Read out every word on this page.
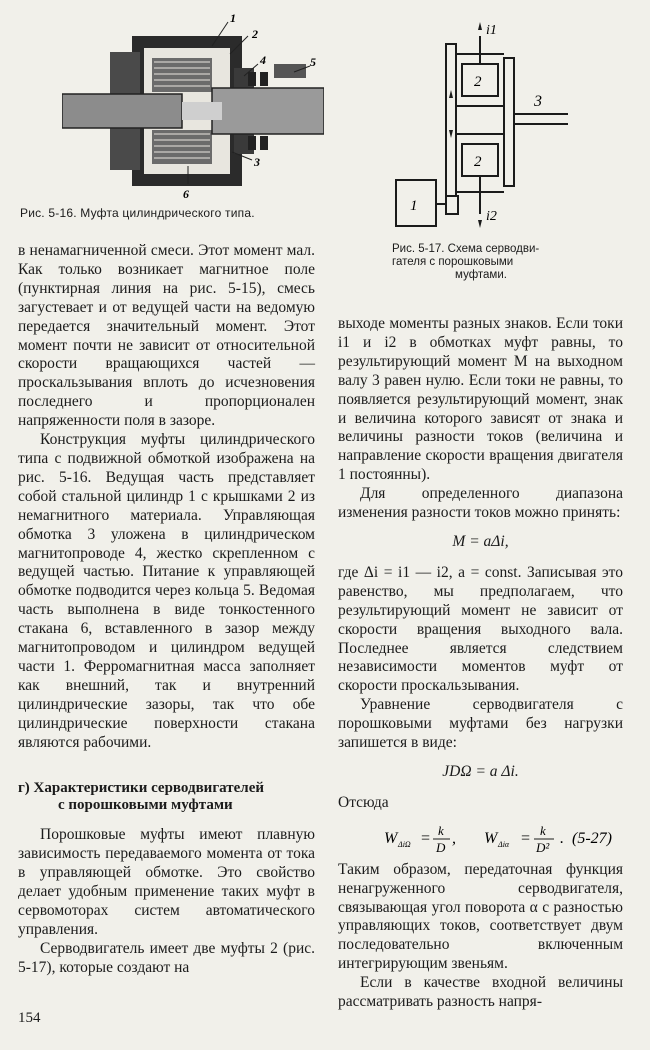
1
2
4	5
3
6
Рис. 5-16. Муфта цилиндрического типа.
i1
2
2
3
1
i2
Рис. 5-17. Схема серводви-
гателя с порошковыми
муфтами.

в ненамагниченной смеси. Этот момент мал. Как только возникает магнитное поле (пунктирная линия на рис. 5-15), смесь загустевает и от ведущей части на ведомую передается значительный момент. Этот момент почти не зависит от относительной скорости вращающихся частей — проскальзывания вплоть до исчезновения последнего и пропорционален напряженности поля в зазоре.

Конструкция муфты цилиндрического типа с подвижной обмоткой изображена на рис. 5-16. Ведущая часть представляет собой стальной цилиндр 1 с крышками 2 из немагнитного материала. Управляющая обмотка 3 уложена в цилиндрическом магнитопроводе 4, жестко скрепленном с ведущей частью. Питание к управляющей обмотке подводится через кольца 5. Ведомая часть выполнена в виде тонкостенного стакана 6, вставленного в зазор между магнитопроводом и цилиндром ведущей части 1. Ферромагнитная масса заполняет как внешний, так и внутренний цилиндрические зазоры, так что обе цилиндрические поверхности стакана являются рабочими.

г) Характеристики серводвигателей
с порошковыми муфтами

Порошковые муфты имеют плавную зависимость передаваемого момента от тока в управляющей обмотке. Это свойство делает удобным применение таких муфт в сервомоторах систем автоматического управления.

Серводвигатель имеет две муфты 2 (рис. 5-17), которые создают на

выходе моменты разных знаков. Если токи i1 и i2 в обмотках муфт равны, то результирующий момент M на выходном валу 3 равен нулю. Если токи не равны, то появляется результирующий момент, знак и величина которого зависят от знака и величины разности токов (величина и направление скорости вращения двигателя 1 постоянны).

Для определенного диапазона изменения разности токов можно принять:

M = aΔi,

где Δi = i1 — i2, a = const. Записывая это равенство, мы предполагаем, что результирующий момент не зависит от скорости вращения выходного вала. Последнее является следствием независимости моментов муфт от скорости проскальзывания.

Уравнение серводвигателя с порошковыми муфтами без нагрузки запишется в виде:

JDΩ = a Δi.

Отсюда

W ΔiΩ = k
D
, W Δiα = k
D²
. (5-27)

Таким образом, передаточная функция ненагруженного серводвигателя, связывающая угол поворота α с разностью управляющих токов, соответствует двум последовательно включенным интегрирующим звеньям.

Если в качестве входной величины рассматривать разность напря-

154
